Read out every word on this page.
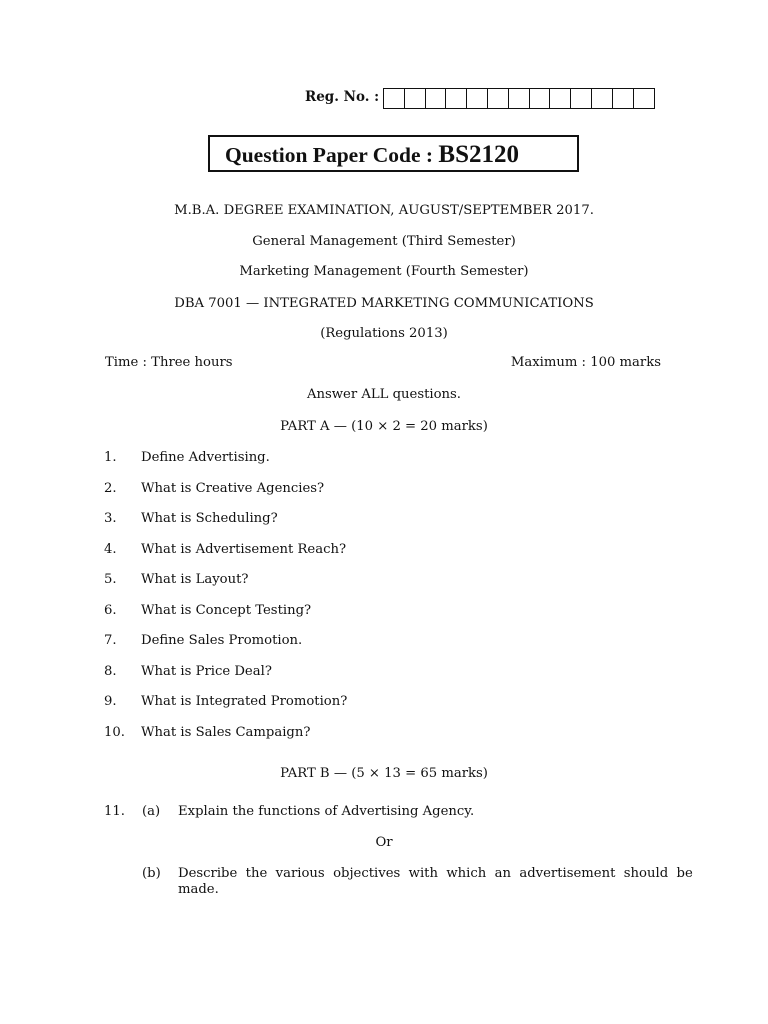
Reg. No. :
Question Paper Code : BS2120
M.B.A. DEGREE EXAMINATION, AUGUST/SEPTEMBER 2017.
General Management (Third Semester)
Marketing Management (Fourth Semester)
DBA 7001 — INTEGRATED MARKETING COMMUNICATIONS
(Regulations 2013)
Time : Three hours	Maximum : 100 marks
Answer ALL questions.
PART A — (10 × 2 = 20 marks)
1. Define Advertising.
2. What is Creative Agencies?
3. What is Scheduling?
4. What is Advertisement Reach?
5. What is Layout?
6. What is Concept Testing?
7. Define Sales Promotion.
8. What is Price Deal?
9. What is Integrated Promotion?
10. What is Sales Campaign?
PART B — (5 × 13 = 65 marks)
11. (a) Explain the functions of Advertising Agency.
Or
(b) Describe  the  various  objectives  with  which  an  advertisement  should  be
made.
